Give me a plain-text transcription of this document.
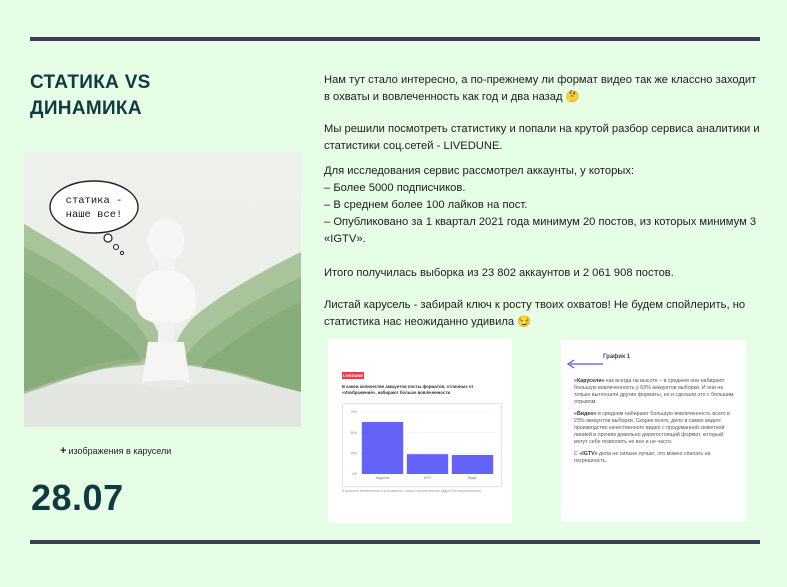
СТАТИКА VS
ДИНАМИКА
статика -
наше все!
+ изображения в карусели
28.07

Нам тут стало интересно, а по-прежнему ли формат видео так же классно заходит в охваты и вовлеченность как год и два назад 🤔

Мы решили посмотреть статистику и попали на крутой разбор сервиса аналитики и статистики соц.сетей - LIVEDUNE.

Для исследования сервис рассмотрел аккаунты, у которых:

– Более 5000 подписчиков.

– В среднем более 100 лайков на пост.

– Опубликовано за 1 квартал 2021 года минимум 20 постов, из которых минимум 3 «IGTV».

Итого получилась выборка из 23 802 аккаунтов и 2 061 908 постов.

Листай карусель - забирай ключ к росту твоих охватов! Не будем спойлерить, но статистика нас неожиданно удивила 😏

LIVEDUNE
В каком количестве аккаунтов посты форматов, отличных от «Изображения», набирают больше вовлеченности
0%
25%
50%
75%
Карусели	IGTV	Видео
В формате вовлеченности учитывались только горизонтальные кадры (без вертикальных)
График 1

«Карусели» как всегда на высоте – в среднем они набирают большую вовлеченность у 63% аккаунтов выборки. И они не только вытеснили другие форматы, но и сделали это с большим отрывом.

«Видео» в среднем набирают большую вовлеченность всего в 23% аккаунтов выборки. Скорее всего, дело в самих видео: производство качественного видео с продуманной сюжетной линией и прочим довольно дорогостоящий формат, который могут себе позволить не все и не часто.

С «IGTV» дела не сильно лучше, это можно списать на погрешность.
